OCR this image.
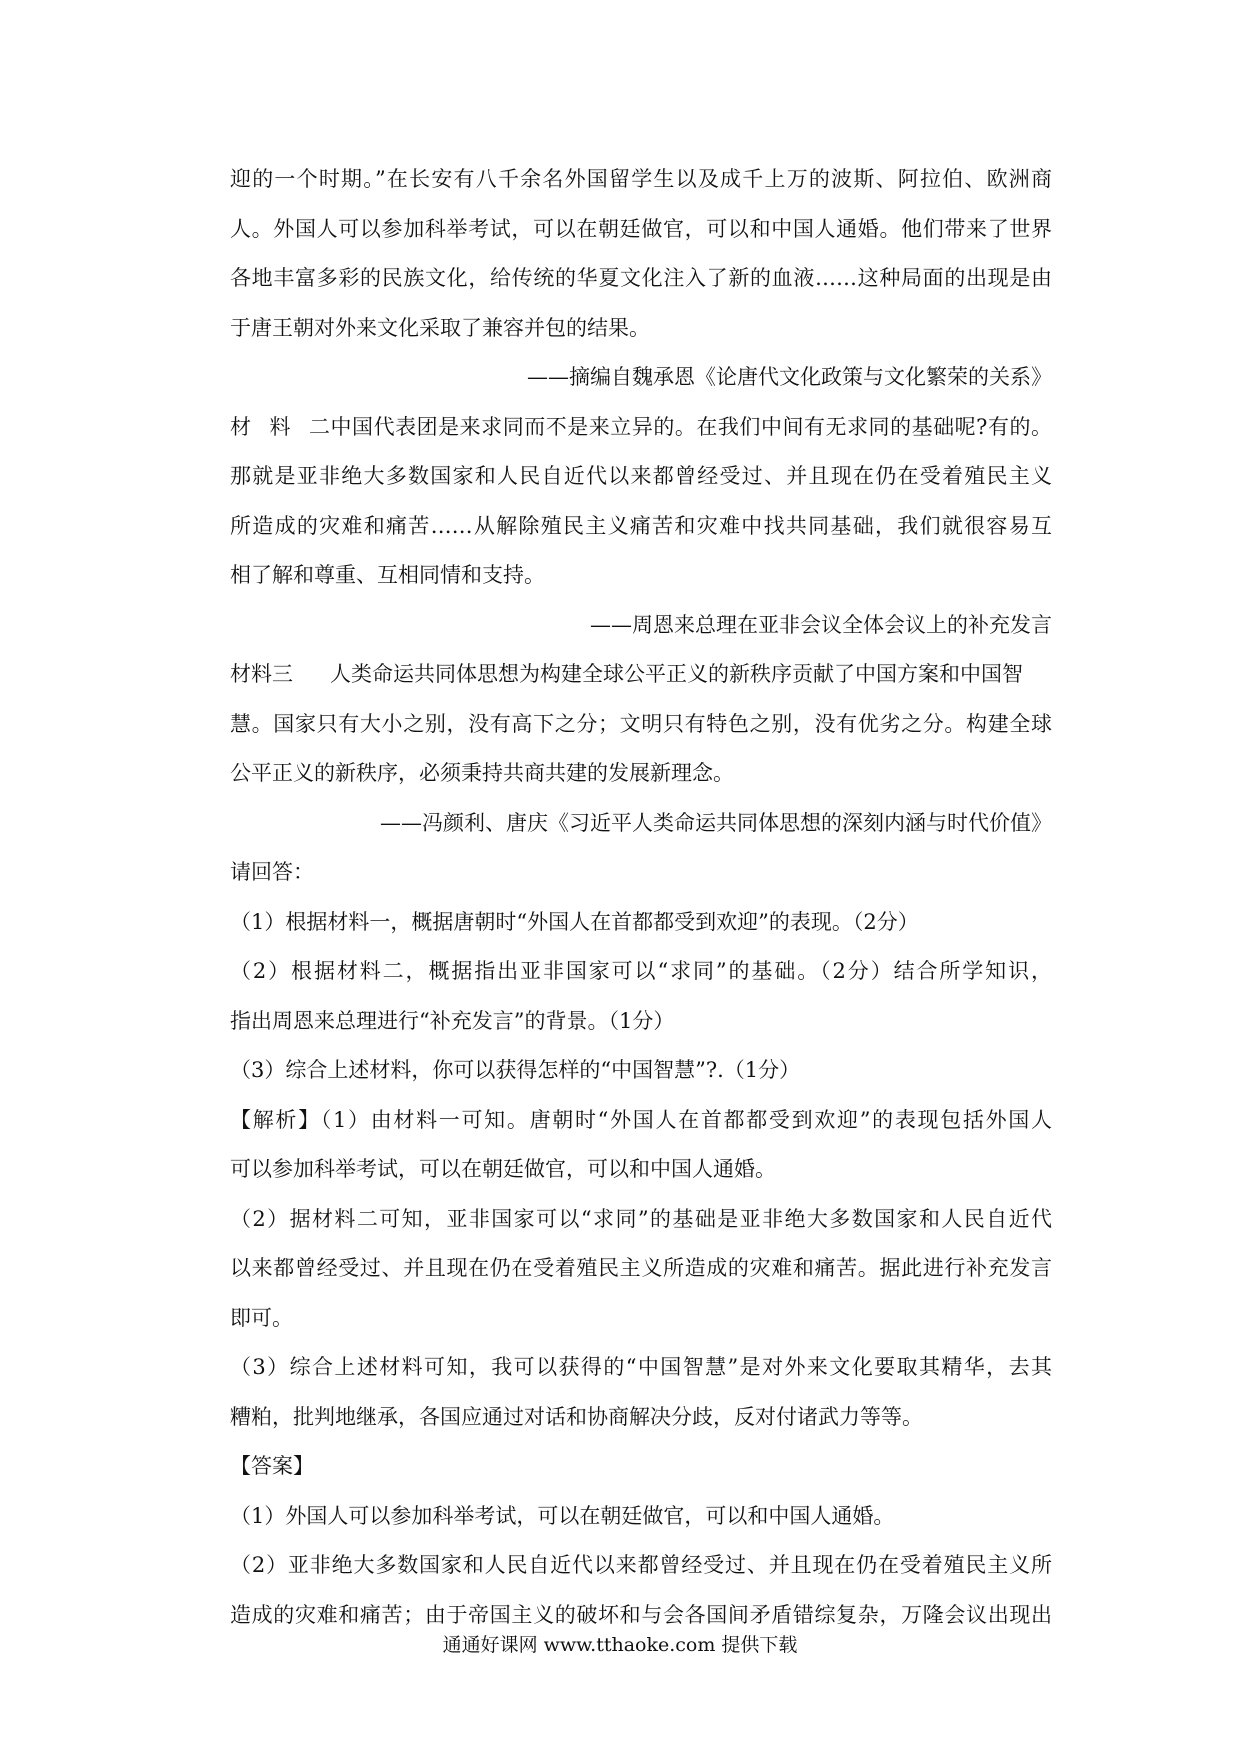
迎的一个时期。”在长安有八千余名外国留学生以及成千上万的波斯、阿拉伯、欧洲商
人。外国人可以参加科举考试，可以在朝廷做官，可以和中国人通婚。他们带来了世界
各地丰富多彩的民族文化，给传统的华夏文化注入了新的血液……这种局面的出现是由
于唐王朝对外来文化采取了兼容并包的结果。
——摘编自魏承恩《论唐代文化政策与文化繁荣的关系》
材料二中国代表团是来求同而不是来立异的。在我们中间有无求同的基础呢?有的。
那就是亚非绝大多数国家和人民自近代以来都曾经受过、并且现在仍在受着殖民主义
所造成的灾难和痛苦……从解除殖民主义痛苦和灾难中找共同基础，我们就很容易互
相了解和尊重、互相同情和支持。
——周恩来总理在亚非会议全体会议上的补充发言
材料三 人类命运共同体思想为构建全球公平正义的新秩序贡献了中国方案和中国智
慧。国家只有大小之别，没有高下之分；文明只有特色之别，没有优劣之分。构建全球
公平正义的新秩序，必须秉持共商共建的发展新理念。
——冯颜利、唐庆《习近平人类命运共同体思想的深刻内涵与时代价值》
请回答：
（1）根据材料一，概据唐朝时“外国人在首都都受到欢迎”的表现。（2分）
（2）根据材料二，概据指出亚非国家可以“求同”的基础。（2分）结合所学知识，
指出周恩来总理进行“补充发言”的背景。（1分）
（3）综合上述材料，你可以获得怎样的“中国智慧”?.（1分）
【解析】（1）由材料一可知。唐朝时“外国人在首都都受到欢迎”的表现包括外国人
可以参加科举考试，可以在朝廷做官，可以和中国人通婚。
（2）据材料二可知，亚非国家可以“求同”的基础是亚非绝大多数国家和人民自近代
以来都曾经受过、并且现在仍在受着殖民主义所造成的灾难和痛苦。据此进行补充发言
即可。
（3）综合上述材料可知，我可以获得的“中国智慧”是对外来文化要取其精华，去其
糟粕，批判地继承，各国应通过对话和协商解决分歧，反对付诸武力等等。
【答案】
（1）外国人可以参加科举考试，可以在朝廷做官，可以和中国人通婚。
（2）亚非绝大多数国家和人民自近代以来都曾经受过、并且现在仍在受着殖民主义所
造成的灾难和痛苦；由于帝国主义的破坏和与会各国间矛盾错综复杂，万隆会议出现出
通通好课网 www.tthaoke.com 提供下载
